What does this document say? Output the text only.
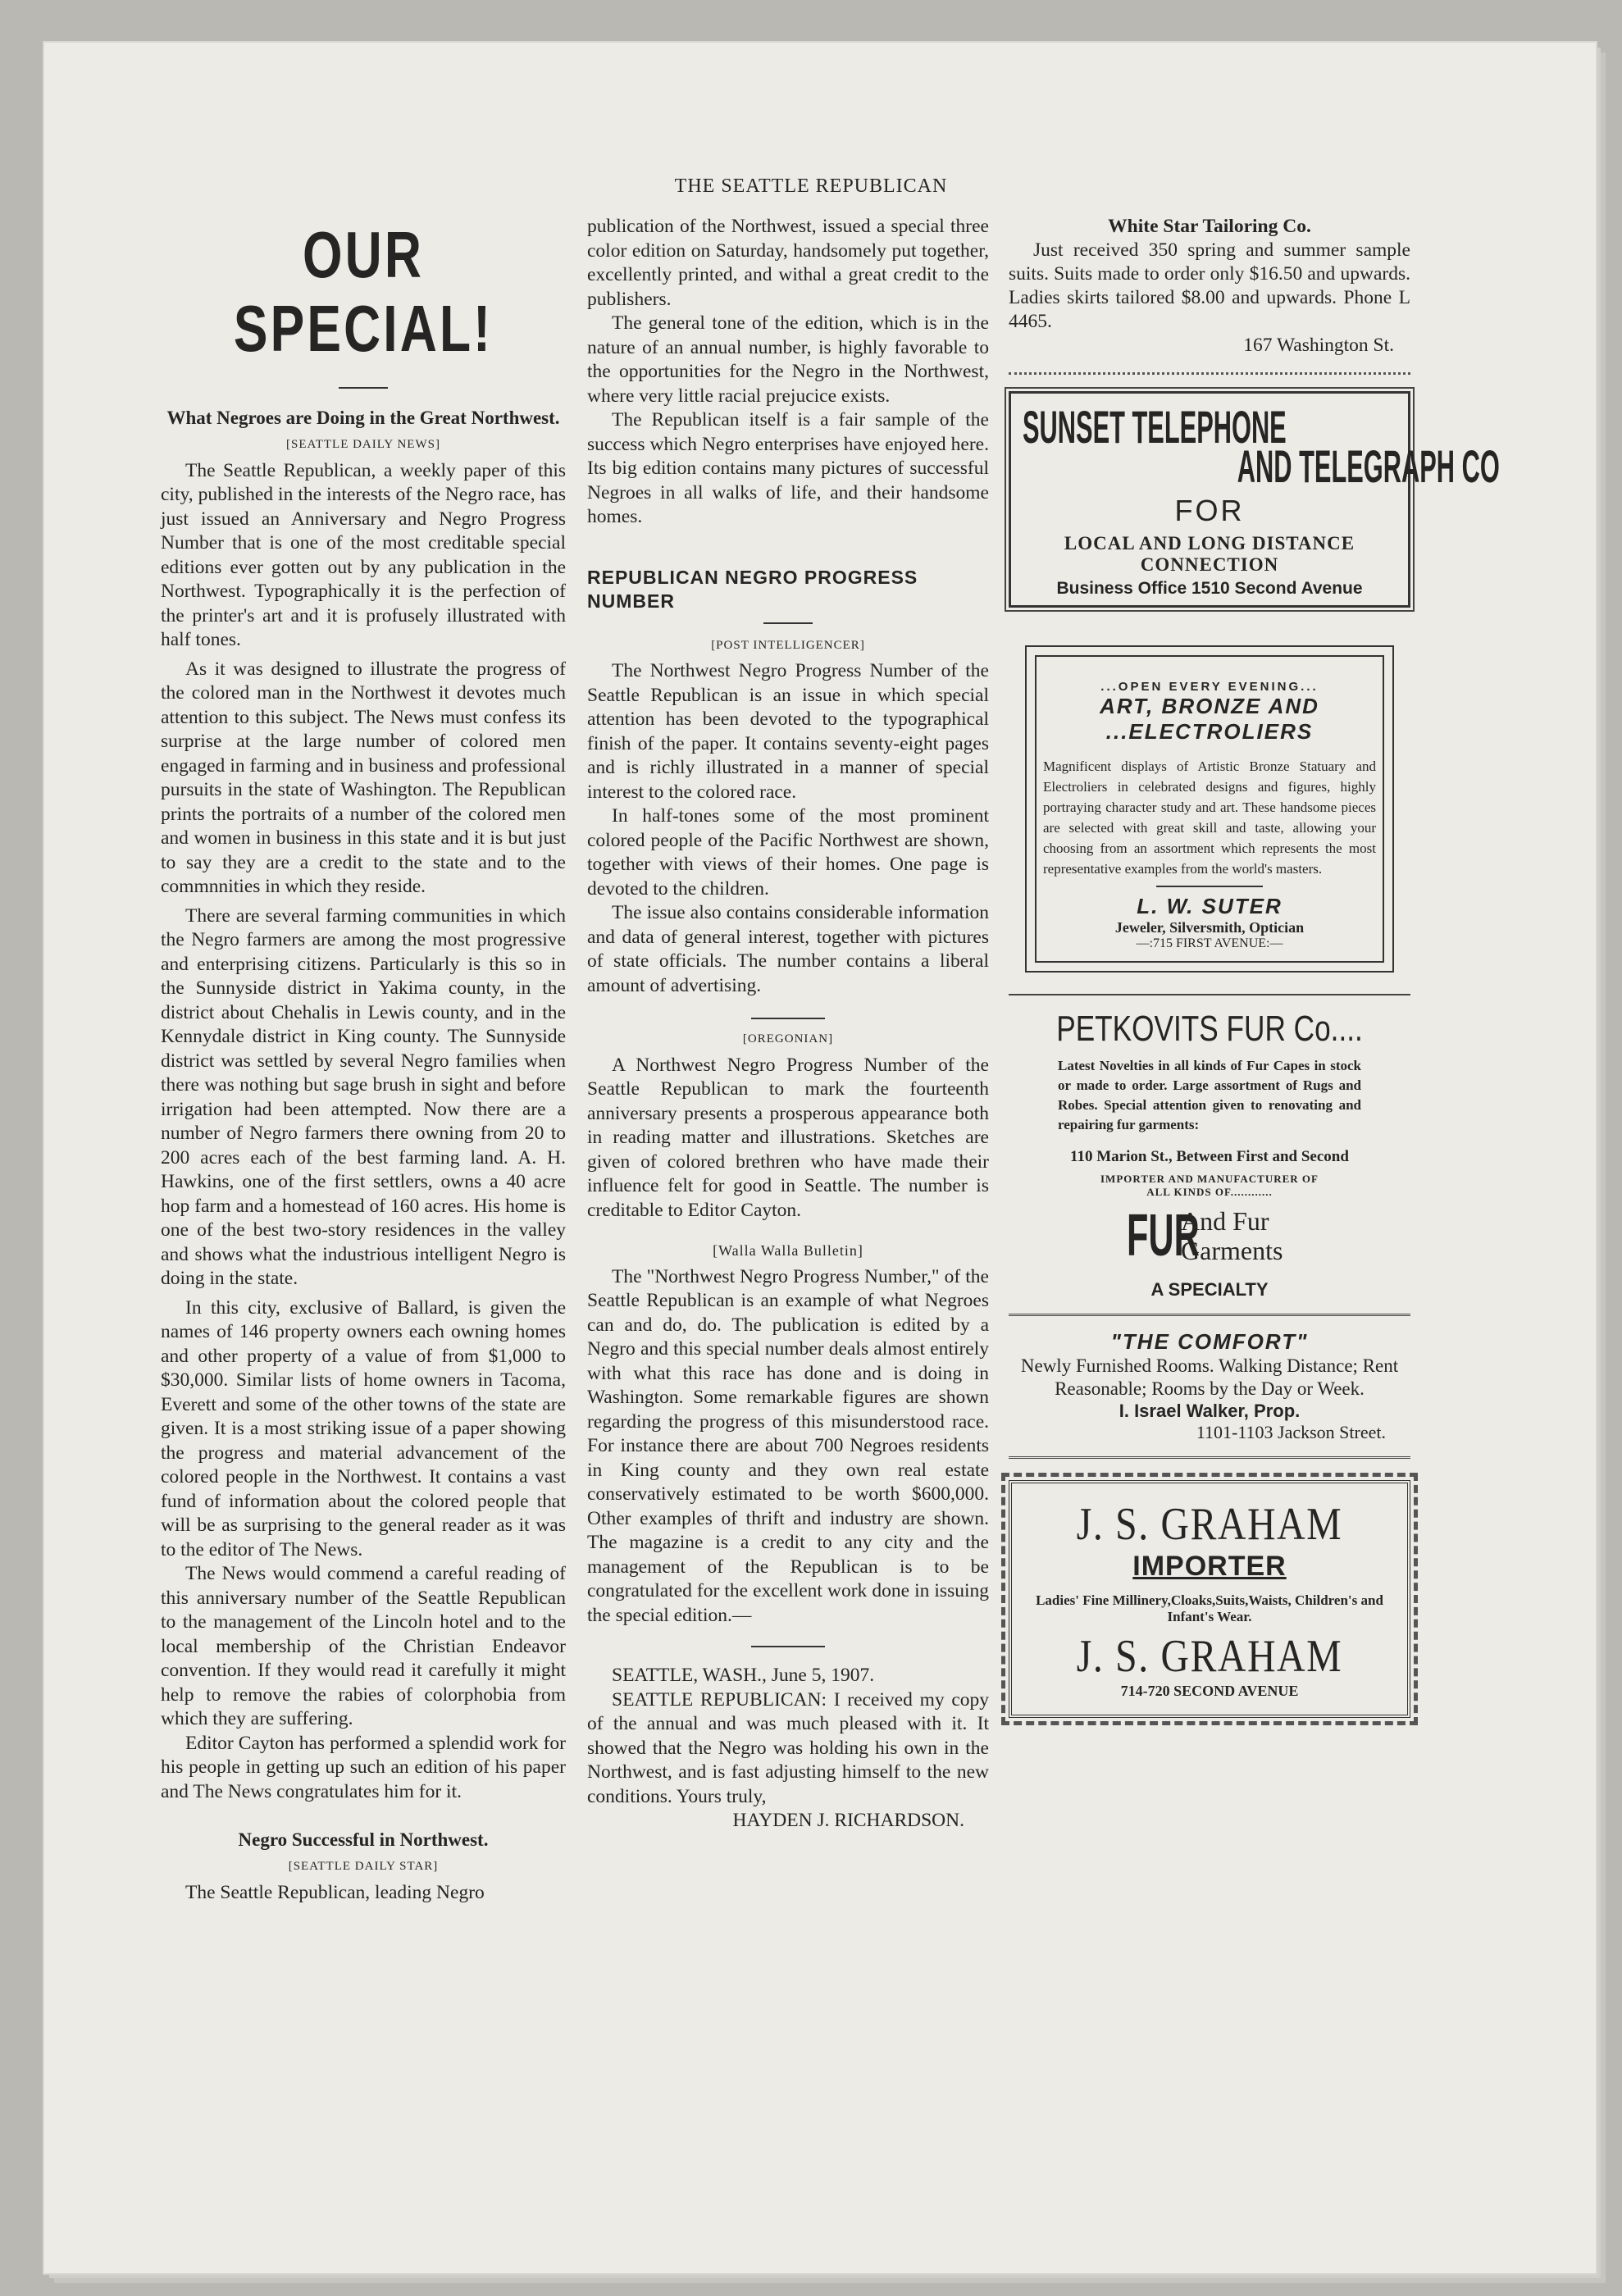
THE SEATTLE REPUBLICAN
OUR SPECIAL!
What Negroes are Doing in the Great Northwest.
[SEATTLE DAILY NEWS]

The Seattle Republican, a weekly paper of this city, published in the interests of the Negro race, has just issued an Anniversary and Negro Progress Number that is one of the most creditable special editions ever gotten out by any publication in the Northwest. Typographically it is the perfection of the printer's art and it is profusely illustrated with half tones.

As it was designed to illustrate the progress of the colored man in the Northwest it devotes much attention to this subject. The News must confess its surprise at the large number of colored men engaged in farming and in business and professional pursuits in the state of Washington. The Republican prints the portraits of a number of the colored men and women in business in this state and it is but just to say they are a credit to the state and to the commnnities in which they reside.

There are several farming communities in which the Negro farmers are among the most progressive and enterprising citizens. Particularly is this so in the Sunnyside district in Yakima county, in the district about Chehalis in Lewis county, and in the Kennydale district in King county. The Sunnyside district was settled by several Negro families when there was nothing but sage brush in sight and before irrigation had been attempted. Now there are a number of Negro farmers there owning from 20 to 200 acres each of the best farming land. A. H. Hawkins, one of the first settlers, owns a 40 acre hop farm and a homestead of 160 acres. His home is one of the best two-story residences in the valley and shows what the industrious intelligent Negro is doing in the state.

In this city, exclusive of Ballard, is given the names of 146 property owners each owning homes and other property of a value of from $1,000 to $30,000. Similar lists of home owners in Tacoma, Everett and some of the other towns of the state are given. It is a most striking issue of a paper showing the progress and material advancement of the colored people in the Northwest. It contains a vast fund of information about the colored people that will be as surprising to the general reader as it was to the editor of The News.

The News would commend a careful reading of this anniversary number of the Seattle Republican to the management of the Lincoln hotel and to the local membership of the Christian Endeavor convention. If they would read it carefully it might help to remove the rabies of colorphobia from which they are suffering.

Editor Cayton has performed a splendid work for his people in getting up such an edition of his paper and The News congratulates him for it.

Negro Successful in Northwest.
[SEATTLE DAILY STAR]

The Seattle Republican, leading Negro

publication of the Northwest, issued a special three color edition on Saturday, handsomely put together, excellently printed, and withal a great credit to the publishers.

The general tone of the edition, which is in the nature of an annual number, is highly favorable to the opportunities for the Negro in the Northwest, where very little racial prejucice exists.

The Republican itself is a fair sample of the success which Negro enterprises have enjoyed here. Its big edition contains many pictures of successful Negroes in all walks of life, and their handsome homes.

REPUBLICAN NEGRO PROGRESS NUMBER
[POST INTELLIGENCER]

The Northwest Negro Progress Number of the Seattle Republican is an issue in which special attention has been devoted to the typographical finish of the paper. It contains seventy-eight pages and is richly illustrated in a manner of special interest to the colored race.

In half-tones some of the most prominent colored people of the Pacific Northwest are shown, together with views of their homes. One page is devoted to the children.

The issue also contains considerable information and data of general interest, together with pictures of state officials. The number contains a liberal amount of advertising.

[OREGONIAN]

A Northwest Negro Progress Number of the Seattle Republican to mark the fourteenth anniversary presents a prosperous appearance both in reading matter and illustrations. Sketches are given of colored brethren who have made their influence felt for good in Seattle. The number is creditable to Editor Cayton.

[Walla Walla Bulletin]

The "Northwest Negro Progress Number," of the Seattle Republican is an example of what Negroes can and do, do. The publication is edited by a Negro and this special number deals almost entirely with what this race has done and is doing in Washington. Some remarkable figures are shown regarding the progress of this misunderstood race. For instance there are about 700 Negroes residents in King county and they own real estate conservatively estimated to be worth $600,000. Other examples of thrift and industry are shown. The magazine is a credit to any city and the management of the Republican is to be congratulated for the excellent work done in issuing the special edition.—

SEATTLE, WASH., June 5, 1907.

SEATTLE REPUBLICAN: I received my copy of the annual and was much pleased with it. It showed that the Negro was holding his own in the Northwest, and is fast adjusting himself to the new conditions. Yours truly,

HAYDEN J. RICHARDSON.
White Star Tailoring Co.
Just received 350 spring and summer sample suits. Suits made to order only $16.50 and upwards. Ladies skirts tailored $8.00 and upwards. Phone L 4465.
167 Washington St.
SUNSET TELEPHONE
AND TELEGRAPH CO
FOR
LOCAL AND LONG DISTANCE
CONNECTION
Business Office 1510 Second Avenue
...OPEN EVERY EVENING...
ART, BRONZE AND
...ELECTROLIERS
Magnificent displays of Artistic Bronze Statuary and Electroliers in celebrated designs and figures, highly portraying character study and art. These handsome pieces are selected with great skill and taste, allowing your choosing from an assortment which represents the most representative examples from the world's masters.
L. W. SUTER
Jeweler, Silversmith, Optician
—:715 FIRST AVENUE:—
PETKOVITS FUR Co....
Latest Novelties in all kinds of Fur Capes in stock or made to order. Large assortment of Rugs and Robes. Special attention given to renovating and repairing fur garments:
110 Marion St., Between First and Second
IMPORTER AND MANUFACTURER OF ALL KINDS OF............
FUR
And Fur Garments
A SPECIALTY
"THE COMFORT"
Newly Furnished Rooms. Walking Distance; Rent Reasonable; Rooms by the Day or Week.
I. Israel Walker, Prop.
1101-1103 Jackson Street.
J. S. GRAHAM
IMPORTER
Ladies' Fine Millinery,Cloaks,Suits,Waists, Children's and Infant's Wear.
J. S. GRAHAM
714-720 SECOND AVENUE
